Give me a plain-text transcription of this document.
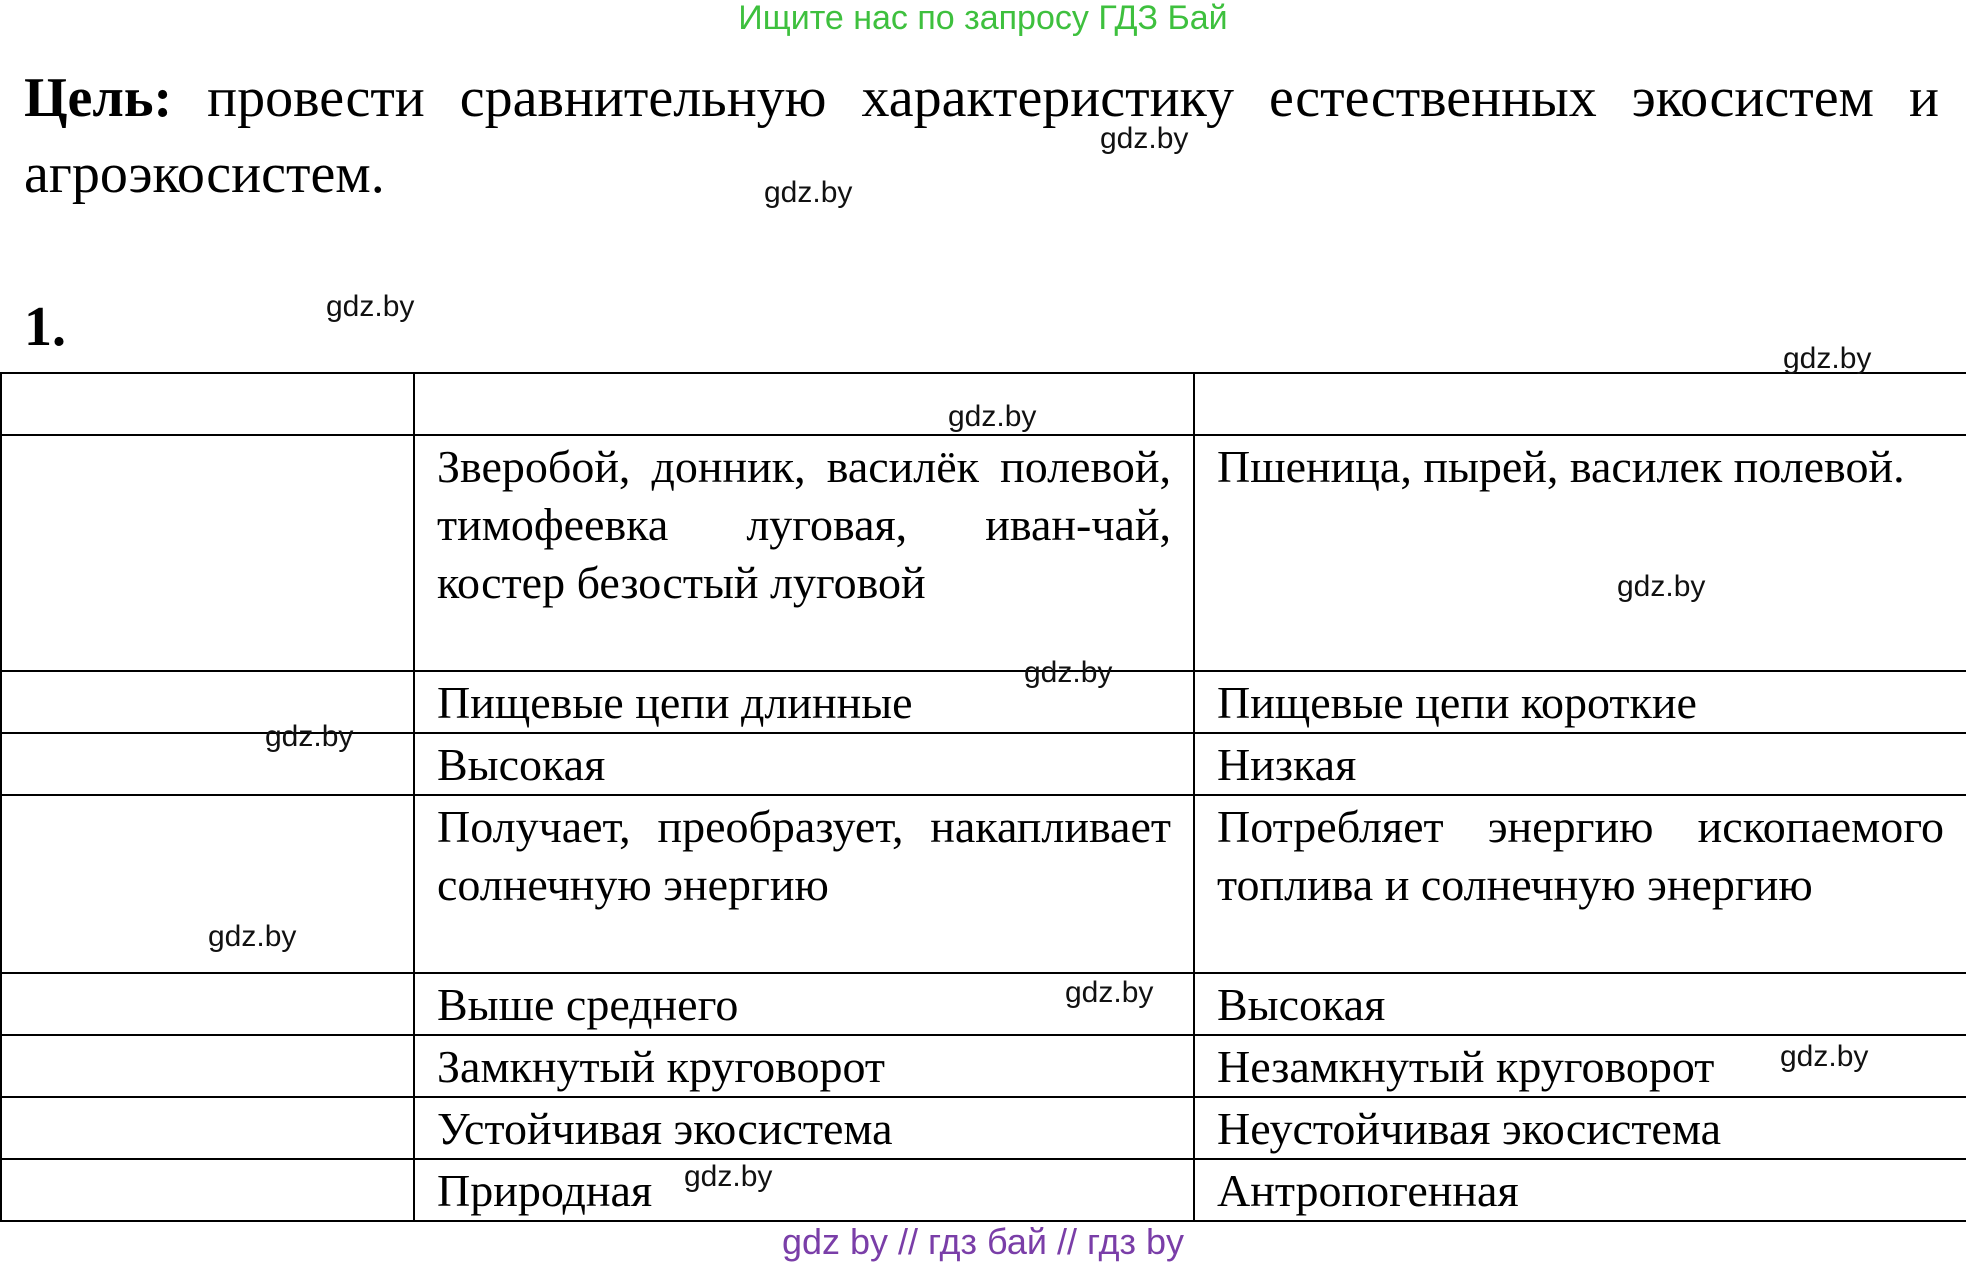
Ищите нас по запросу ГДЗ Бай
Цель: провести сравнительную характеристику естественных экосистем и агроэкосистем.
1.

	Зверобой, донник, василёк полевой, тимофеевка луговая, иван-чай, костер безостый луговой	Пшеница, пырей, василек полевой.
	Пищевые цепи длинные	Пищевые цепи короткие
	Высокая	Низкая
	Получает, преобразует, накапливает солнечную энергию	Потребляет энергию ископаемого топлива и солнечную энергию
	Выше среднего	Высокая
	Замкнутый круговорот	Незамкнутый круговорот
	Устойчивая экосистема	Неустойчивая экосистема
	Природная	Антропогенная
gdz.by
gdz.by
gdz.by
gdz.by
gdz.by
gdz.by
gdz.by
gdz.by
gdz.by
gdz.by
gdz.by
gdz.by
gdz by // гдз бай // гдз by
